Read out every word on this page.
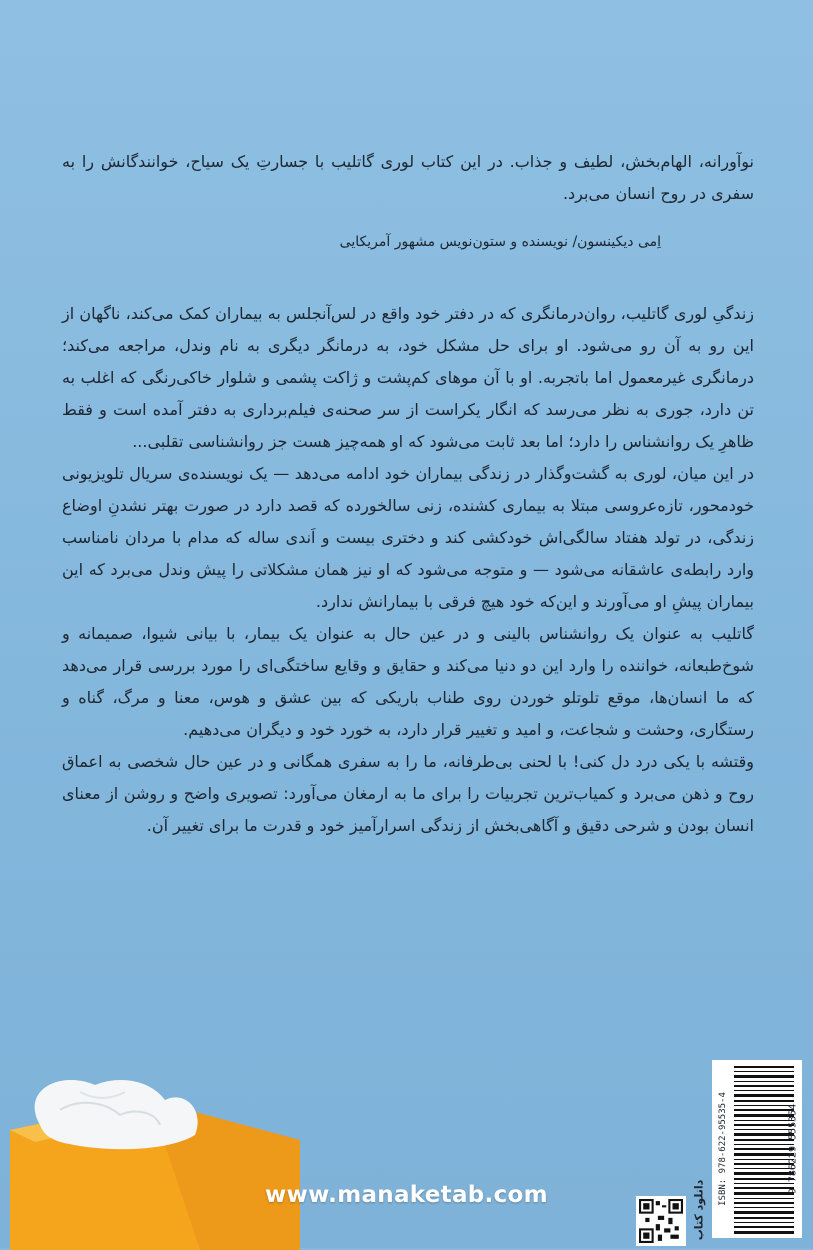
نوآورانه، الهام‌بخش، لطیف و جذاب. در این کتاب لوری گاتلیب با جسارتِ یک سیاح، خوانندگانش را به سفری در روح انسان می‌برد.

اِمی دیکینسون/ نویسنده و ستون‌نویس مشهور آمریکایی

زندگیِ لوری گاتلیب، روان‌درمانگری که در دفتر خود واقع در لس‌آنجلس به بیماران کمک می‌کند، ناگهان از این رو به آن رو می‌شود. او برای حل مشکل خود، به درمانگر دیگری به نام وندل، مراجعه می‌کند؛ درمانگری غیرمعمول اما باتجربه. او با آن موهای کم‌پشت و ژاکت پشمی و شلوار خاکی‌رنگی که اغلب به تن دارد، جوری به نظر می‌رسد که انگار یکراست از سر صحنه‌ی فیلم‌برداری به دفتر آمده است و فقط ظاهرِ یک روانشناس را دارد؛ اما بعد ثابت می‌شود که او همه‌چیز هست جز روانشناسی تقلبی...

در این میان، لوری به گشت‌وگذار در زندگی بیماران خود ادامه می‌دهد — یک نویسنده‌ی سریال تلویزیونی خودمحور، تازه‌عروسی مبتلا به بیماری کشنده، زنی سالخورده که قصد دارد در صورت بهتر نشدنِ اوضاع زندگی، در تولد هفتاد سالگی‌اش خودکشی کند و دختری بیست و اَندی ساله که مدام با مردان نامناسب وارد رابطه‌ی عاشقانه می‌شود — و متوجه می‌شود که او نیز همان مشکلاتی را پیش وندل می‌برد که این بیماران پیشِ او می‌آورند و این‌که خود هیچ فرقی با بیمارانش ندارد.

گاتلیب به عنوان یک روانشناس بالینی و در عین حال به عنوان یک بیمار، با بیانی شیوا، صمیمانه و شوخ‌طبعانه، خواننده را وارد این دو دنیا می‌کند و حقایق و وقایع ساختگی‌ای را مورد بررسی قرار می‌دهد که ما انسان‌ها، موقع تلوتلو خوردن روی طناب باریکی که بین عشق و هوس، معنا و مرگ، گناه و رستگاری، وحشت و شجاعت، و امید و تغییر قرار دارد، به خورد خود و دیگران می‌دهیم.

وقتشه با یکی درد دل کنی! با لحنی بی‌طرفانه، ما را به سفری همگانی و در عین حال شخصی به اعماق روح و ذهن می‌برد و کمیاب‌ترین تجربیات را برای ما به ارمغان می‌آورد: تصویری واضح و روشن از معنای انسان بودن و شرحی دقیق و آگاهی‌بخش از زندگی اسرارآمیز خود و قدرت ما برای تغییر آن.

www.manaketab.com	دانلود کتاب
ISBN: 978-622-95535-4	9 786229 555354
